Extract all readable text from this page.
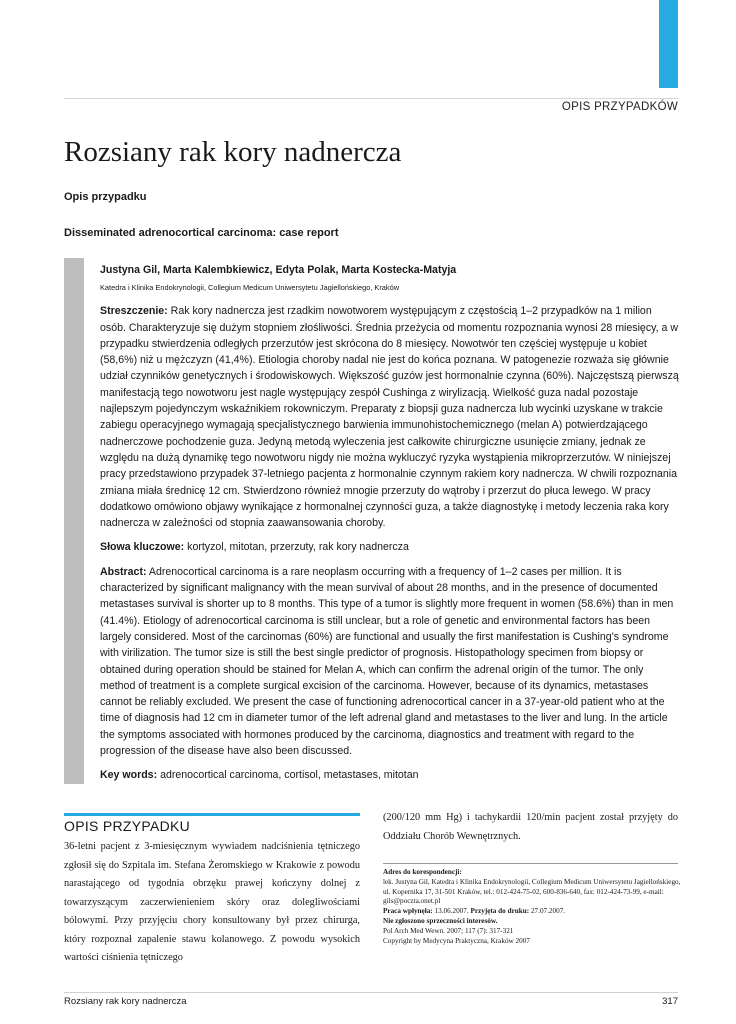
OPIS PRZYPADKÓW
Rozsiany rak kory nadnercza
Opis przypadku
Disseminated adrenocortical carcinoma: case report

Justyna Gil, Marta Kalembkiewicz, Edyta Polak, Marta Kostecka-Matyja

Katedra i Klinika Endokrynologii, Collegium Medicum Uniwersytetu Jagiellońskiego, Kraków

Streszczenie: Rak kory nadnercza jest rzadkim nowotworem występującym z częstością 1–2 przypadków na 1 milion osób. Charakteryzuje się dużym stopniem złośliwości. Średnia przeżycia od momentu rozpoznania wynosi 28 miesięcy, a w przypadku stwierdzenia odległych przerzutów jest skrócona do 8 miesięcy. Nowotwór ten częściej występuje u kobiet (58,6%) niż u mężczyzn (41,4%). Etiologia choroby nadal nie jest do końca poznana. W patogenezie rozważa się głównie udział czynników genetycznych i środowiskowych. Większość guzów jest hormonalnie czynna (60%). Najczęstszą pierwszą manifestacją tego nowotworu jest nagle występujący zespół Cushinga z wirylizacją. Wielkość guza nadal pozostaje najlepszym pojedynczym wskaźnikiem rokowniczym. Preparaty z biopsji guza nadnercza lub wycinki uzyskane w trakcie zabiegu operacyjnego wymagają specjalistycznego barwienia immunohistochemicznego (melan A) potwierdzającego nadnerczowe pochodzenie guza. Jedyną metodą wyleczenia jest całkowite chirurgiczne usunięcie zmiany, jednak ze względu na dużą dynamikę tego nowotworu nigdy nie można wykluczyć ryzyka wystąpienia mikroprzerzutów. W niniejszej pracy przedstawiono przypadek 37-letniego pacjenta z hormonalnie czynnym rakiem kory nadnercza. W chwili rozpoznania zmiana miała średnicę 12 cm. Stwierdzono również mnogie przerzuty do wątroby i przerzut do płuca lewego. W pracy dodatkowo omówiono objawy wynikające z hormonalnej czynności guza, a także diagnostykę i metody leczenia raka kory nadnercza w zależności od stopnia zaawansowania choroby.

Słowa kluczowe: kortyzol, mitotan, przerzuty, rak kory nadnercza

Abstract: Adrenocortical carcinoma is a rare neoplasm occurring with a frequency of 1–2 cases per million. It is characterized by significant malignancy with the mean survival of about 28 months, and in the presence of documented metastases survival is shorter up to 8 months. This type of a tumor is slightly more frequent in women (58.6%) than in men (41.4%). Etiology of adrenocortical carcinoma is still unclear, but a role of genetic and environmental factors has been largely considered. Most of the carcinomas (60%) are functional and usually the first manifestation is Cushing's syndrome with virilization. The tumor size is still the best single predictor of prognosis. Histopathology specimen from biopsy or obtained during operation should be stained for Melan A, which can confirm the adrenal origin of the tumor. The only method of treatment is a complete surgical excision of the carcinoma. However, because of its dynamics, metastases cannot be reliably excluded. We present the case of functioning adrenocortical cancer in a 37-year-old patient who at the time of diagnosis had 12 cm in diameter tumor of the left adrenal gland and metastases to the liver and lung. In the article the symptoms associated with hormones produced by the carcinoma, diagnostics and treatment with regard to the progression of the disease have also been discussed.

Key words: adrenocortical carcinoma, cortisol, metastases, mitotan

OPIS PRZYPADKU
36-letni pacjent z 3-miesięcznym wywiadem nadciśnienia tętniczego zgłosił się do Szpitala im. Stefana Żeromskiego w Krakowie z powodu narastającego od tygodnia obrzęku prawej kończyny dolnej z towarzyszącym zaczerwienieniem skóry oraz dolegliwościami bólowymi. Przy przyjęciu chory konsultowany był przez chirurga, który rozpoznał zapalenie stawu kolanowego. Z powodu wysokich wartości ciśnienia tętniczego
(200/120 mm Hg) i tachykardii 120/min pacjent został przyjęty do Oddziału Chorób Wewnętrznych.

Adres do korespondencji:

lek. Justyna Gil, Katedra i Klinika Endokrynologii, Collegium Medicum Uniwersytetu Jagiellońskiego, ul. Kopernika 17, 31-501 Kraków, tel.: 012-424-75-02, 600-836-640, fax: 012-424-73-99, e-mail: gils@poczta.onet.pl

Praca wpłynęła: 13.06.2007. Przyjęta do druku: 27.07.2007.

Nie zgłoszono sprzeczności interesów.

Pol Arch Med Wewn. 2007; 117 (7): 317-321

Copyright by Medycyna Praktyczna, Kraków 2007

Rozsiany rak kory nadnercza	317
